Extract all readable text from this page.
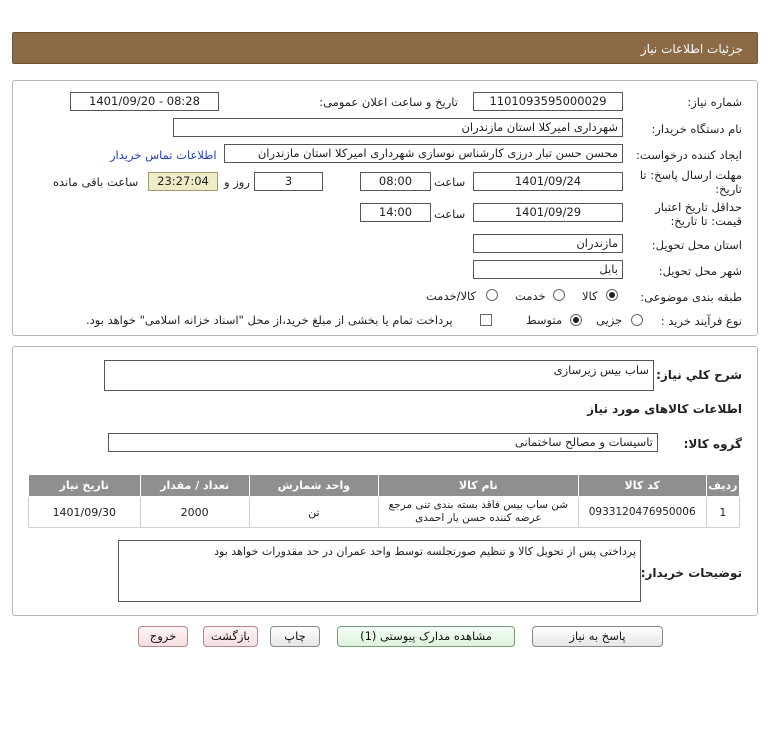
جزئیات اطلاعات نیاز
شماره نیاز:
1101093595000029
تاریخ و ساعت اعلان عمومی:
1401/09/20 - 08:28
نام دستگاه خریدار:
شهرداری امیرکلا استان مازندران
ایجاد کننده درخواست:
محسن حسن تبار درزی کارشناس نوسازی شهرداری امیرکلا استان مازندران
اطلاعات تماس خریدار
مهلت ارسال پاسخ: تا
تاریخ:
1401/09/24
ساعت
08:00
3
روز و
23:27:04
ساعت باقی مانده
حداقل تاریخ اعتبار
قیمت: تا تاریخ:
1401/09/29
ساعت
14:00
استان محل تحویل:
مازندران
شهر محل تحویل:
بابل
طبقه بندی موضوعی:
کالا
خدمت
کالا/خدمت
نوع فرآیند خرید :
جزیی
متوسط
پرداخت تمام یا بخشی از مبلغ خرید،از محل "اسناد خزانه اسلامی" خواهد بود.
شرح كلي نياز:
ساب بیس زیرسازی
اطلاعات کالاهای مورد نیاز
گروه کالا:
تاسیسات و مصالح ساختمانی
ردیف	کد کالا	نام کالا	واحد شمارش	تعداد / مقدار	تاریخ نیاز
1	0933120476950006	شن ساب بیس فاقد بسته بندی تنی مرجع عرضه کننده حسن یار احمدی	تن	2000	1401/09/30
توضیحات خریدار:
پرداختی پس از تحویل کالا و تنظیم صورتجلسه توسط واحد عمران در حد مقدورات خواهد بود
پاسخ به نیاز
مشاهده مدارک پیوستی (1)
چاپ
بازگشت
خروج
